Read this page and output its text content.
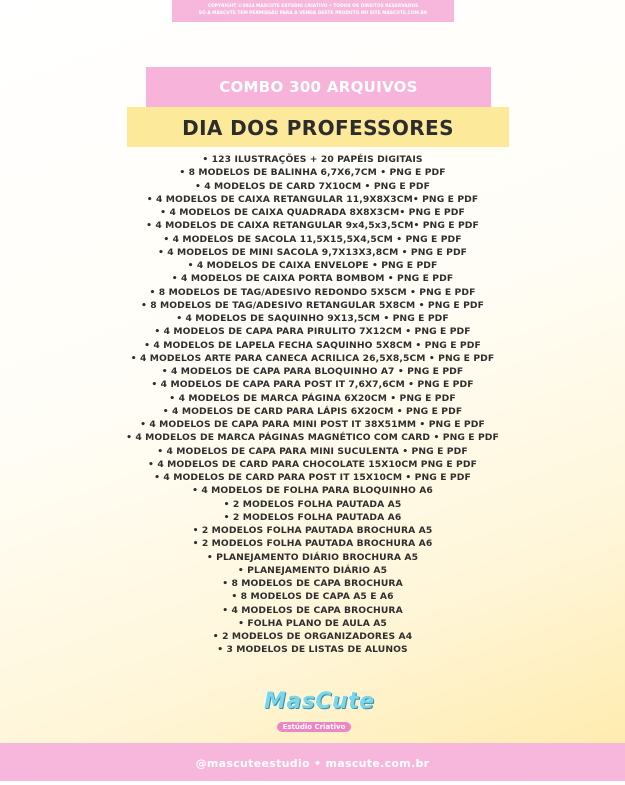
COPYRIGHT ©2024 MASCUTE ESTÚDIO CRIATIVO • TODOS OS DIREITOS RESERVADOS
SÓ A MASCUTE TEM PERMISSÃO PARA A VENDA DESTE PRODUTO NO SITE MASCUTE.COM.BR
COMBO 300 ARQUIVOS
DIA DOS PROFESSORES
• 123 ILUSTRAÇÕES + 20 PAPÉIS DIGITAIS
• 8 MODELOS DE BALINHA 6,7X6,7CM • PNG E PDF
• 4 MODELOS DE CARD 7X10CM • PNG E PDF
• 4 MODELOS DE CAIXA RETANGULAR 11,9X8X3CM• PNG E PDF
• 4 MODELOS DE CAIXA QUADRADA 8X8X3CM• PNG E PDF
• 4 MODELOS DE CAIXA RETANGULAR 9x4,5x3,5CM• PNG E PDF
• 4 MODELOS DE SACOLA 11,5X15,5X4,5CM • PNG E PDF
• 4 MODELOS DE MINI SACOLA 9,7X13X3,8CM • PNG E PDF
• 4 MODELOS DE CAIXA ENVELOPE • PNG E PDF
• 4 MODELOS DE CAIXA PORTA BOMBOM • PNG E PDF
• 8 MODELOS DE TAG/ADESIVO REDONDO 5X5CM • PNG E PDF
• 8 MODELOS DE TAG/ADESIVO RETANGULAR 5X8CM • PNG E PDF
• 4 MODELOS DE SAQUINHO 9X13,5CM • PNG E PDF
• 4 MODELOS DE CAPA PARA PIRULITO 7X12CM • PNG E PDF
• 4 MODELOS DE LAPELA FECHA SAQUINHO 5X8CM • PNG E PDF
• 4 MODELOS ARTE PARA CANECA ACRILICA 26,5X8,5CM • PNG E PDF
• 4 MODELOS DE CAPA PARA BLOQUINHO A7 • PNG E PDF
• 4 MODELOS DE CAPA PARA POST IT 7,6X7,6CM • PNG E PDF
• 4 MODELOS DE MARCA PÁGINA 6X20CM • PNG E PDF
• 4 MODELOS DE CARD PARA LÁPIS 6X20CM • PNG E PDF
• 4 MODELOS DE CAPA PARA MINI POST IT 38X51MM • PNG E PDF
• 4 MODELOS DE MARCA PÁGINAS MAGNÉTICO COM CARD • PNG E PDF
• 4 MODELOS DE CAPA PARA MINI SUCULENTA • PNG E PDF
• 4 MODELOS DE CARD PARA CHOCOLATE 15X10CM PNG E PDF
• 4 MODELOS DE CARD PARA POST IT 15X10CM • PNG E PDF
• 4 MODELOS DE FOLHA PARA BLOQUINHO A6
• 2 MODELOS FOLHA PAUTADA A5
• 2 MODELOS FOLHA PAUTADA A6
• 2 MODELOS FOLHA PAUTADA BROCHURA A5
• 2 MODELOS FOLHA PAUTADA BROCHURA A6
• PLANEJAMENTO DIÁRIO BROCHURA A5
• PLANEJAMENTO DIÁRIO A5
• 8 MODELOS DE CAPA BROCHURA
• 8 MODELOS DE CAPA A5 E A6
• 4 MODELOS DE CAPA BROCHURA
• FOLHA PLANO DE AULA A5
• 2 MODELOS DE ORGANIZADORES A4
• 3 MODELOS DE LISTAS DE ALUNOS
MasCute
Estúdio Criativo
@mascuteestudio • mascute.com.br
